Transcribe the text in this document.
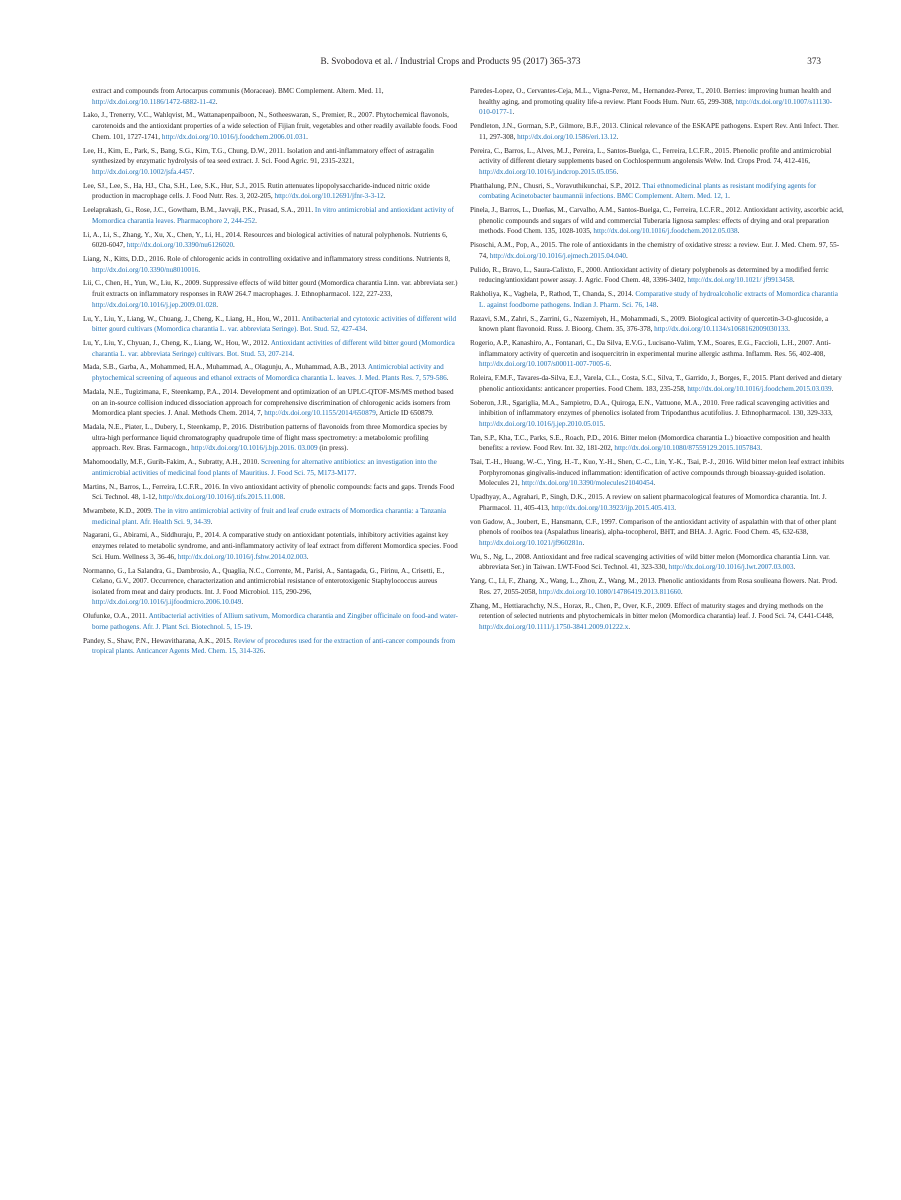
B. Svobodova et al. / Industrial Crops and Products 95 (2017) 365-373	373

extract and compounds from Artocarpus communis (Moraceae). BMC Complement. Altern. Med. 11, http://dx.doi.org/10.1186/1472-6882-11-42.

Lako, J., Trenerry, V.C., Wahlqvist, M., Wattanapenpaiboon, N., Sotheeswaran, S., Premier, R., 2007. Phytochemical flavonols, carotenoids and the antioxidant properties of a wide selection of Fijian fruit, vegetables and other readily available foods. Food Chem. 101, 1727-1741, http://dx.doi.org/10.1016/j.foodchem.2006.01.031.

Lee, H., Kim, E., Park, S., Bang, S.G., Kim, T.G., Chung, D.W., 2011. Isolation and anti-inflammatory effect of astragalin synthesized by enzymatic hydrolysis of tea seed extract. J. Sci. Food Agric. 91, 2315-2321, http://dx.doi.org/10.1002/jsfa.4457.

Lee, SJ., Lee, S., Ha, HJ., Cha, S.H., Lee, S.K., Hur, S.J., 2015. Rutin attenuates lipopolysaccharide-induced nitric oxide production in macrophage cells. J. Food Nutr. Res. 3, 202-205, http://dx.doi.org/10.12691/jfnr-3-3-12.

Leelaprakash, G., Rose, J.C., Gowtham, B.M., Javvaji, P.K., Prasad, S.A., 2011. In vitro antimicrobial and antioxidant activity of Momordica charantia leaves. Pharmacophore 2, 244-252.

Li, A., Li, S., Zhang, Y., Xu, X., Chen, Y., Li, H., 2014. Resources and biological activities of natural polyphenols. Nutrients 6, 6020-6047, http://dx.doi.org/10.3390/nu6126020.

Liang, N., Kitts, D.D., 2016. Role of chlorogenic acids in controlling oxidative and inflammatory stress conditions. Nutrients 8, http://dx.doi.org/10.3390/nu8010016.

Lii, C., Chen, H., Yun, W., Liu, K., 2009. Suppressive effects of wild bitter gourd (Momordica charantia Linn. var. abbreviata ser.) fruit extracts on inflammatory responses in RAW 264.7 macrophages. J. Ethnopharmacol. 122, 227-233, http://dx.doi.org/10.1016/j.jep.2009.01.028.

Lu, Y., Liu, Y., Liang, W., Chuang, J., Cheng, K., Liang, H., Hou, W., 2011. Antibacterial and cytotoxic activities of different wild bitter gourd cultivars (Momordica charantia L. var. abbreviata Seringe). Bot. Stud. 52, 427-434.

Lu, Y., Liu, Y., Chyuan, J., Cheng, K., Liang, W., Hou, W., 2012. Antioxidant activities of different wild bitter gourd (Momordica charantia L. var. abbreviata Seringe) cultivars. Bot. Stud. 53, 207-214.

Mada, S.B., Garba, A., Mohammed, H.A., Muhammad, A., Olagunju, A., Muhammad, A.B., 2013. Antimicrobial activity and phytochemical screening of aqueous and ethanol extracts of Momordica charantia L. leaves. J. Med. Plants Res. 7, 579-586.

Madala, N.E., Tugizimana, F., Steenkamp, P.A., 2014. Development and optimization of an UPLC-QTOF-MS/MS method based on an in-source collision induced dissociation approach for comprehensive discrimination of chlorogenic acids isomers from Momordica plant species. J. Anal. Methods Chem. 2014, 7, http://dx.doi.org/10.1155/2014/650879, Article ID 650879.

Madala, N.E., Piater, L., Dubery, I., Steenkamp, P., 2016. Distribution patterns of flavonoids from three Momordica species by ultra-high performance liquid chromatography quadrupole time of flight mass spectrometry: a metabolomic profiling approach. Rev. Bras. Farmacogn., http://dx.doi.org/10.1016/j.bjp.2016. 03.009 (in press).

Mahomoodally, M.F., Gurib-Fakim, A., Subratty, A.H., 2010. Screening for alternative antibiotics: an investigation into the antimicrobial activities of medicinal food plants of Mauritius. J. Food Sci. 75, M173-M177.

Martins, N., Barros, L., Ferreira, I.C.F.R., 2016. In vivo antioxidant activity of phenolic compounds: facts and gaps. Trends Food Sci. Technol. 48, 1-12, http://dx.doi.org/10.1016/j.tifs.2015.11.008.

Mwambete, K.D., 2009. The in vitro antimicrobial activity of fruit and leaf crude extracts of Momordica charantia: a Tanzania medicinal plant. Afr. Health Sci. 9, 34-39.

Nagarani, G., Abirami, A., Siddhuraju, P., 2014. A comparative study on antioxidant potentials, inhibitory activities against key enzymes related to metabolic syndrome, and anti-inflammatory activity of leaf extract from different Momordica species. Food Sci. Hum. Wellness 3, 36-46, http://dx.doi.org/10.1016/j.fshw.2014.02.003.

Normanno, G., La Salandra, G., Dambrosio, A., Quaglia, N.C., Corrente, M., Parisi, A., Santagada, G., Firinu, A., Crisetti, E., Celano, G.V., 2007. Occurrence, characterization and antimicrobial resistance of enterotoxigenic Staphylococcus aureus isolated from meat and dairy products. Int. J. Food Microbiol. 115, 290-296, http://dx.doi.org/10.1016/j.ijfoodmicro.2006.10.049.

Olufunke, O.A., 2011. Antibacterial activities of Allium sativum, Momordica charantia and Zingiber officinale on food-and water-borne pathogens. Afr. J. Plant Sci. Biotechnol. 5, 15-19.

Pandey, S., Shaw, P.N., Hewavitharana, A.K., 2015. Review of procedures used for the extraction of anti-cancer compounds from tropical plants. Anticancer Agents Med. Chem. 15, 314-326.

Paredes-Lopez, O., Cervantes-Ceja, M.L., Vigna-Perez, M., Hernandez-Perez, T., 2010. Berries: improving human health and healthy aging, and promoting quality life-a review. Plant Foods Hum. Nutr. 65, 299-308, http://dx.doi.org/10.1007/s11130-010-0177-1.

Pendleton, J.N., Gorman, S.P., Gilmore, B.F., 2013. Clinical relevance of the ESKAPE pathogens. Expert Rev. Anti Infect. Ther. 11, 297-308, http://dx.doi.org/10.1586/eri.13.12.

Pereira, C., Barros, L., Alves, M.J., Pereira, L., Santos-Buelga, C., Ferreira, I.C.F.R., 2015. Phenolic profile and antimicrobial activity of different dietary supplements based on Cochlospermum angolensis Welw. Ind. Crops Prod. 74, 412-416, http://dx.doi.org/10.1016/j.indcrop.2015.05.056.

Phatthalung, P.N., Chusri, S., Voravuthikunchai, S.P., 2012. Thai ethnomedicinal plants as resistant modifying agents for combating Acinetobacter baumannii infections. BMC Complement. Altern. Med. 12, 1.

Pinela, J., Barros, L., Dueñas, M., Carvalho, A.M., Santos-Buelga, C., Ferreira, I.C.F.R., 2012. Antioxidant activity, ascorbic acid, phenolic compounds and sugars of wild and commercial Tuberaria lignosa samples: effects of drying and oral preparation methods. Food Chem. 135, 1028-1035, http://dx.doi.org/10.1016/j.foodchem.2012.05.038.

Pisoschi, A.M., Pop, A., 2015. The role of antioxidants in the chemistry of oxidative stress: a review. Eur. J. Med. Chem. 97, 55-74, http://dx.doi.org/10.1016/j.ejmech.2015.04.040.

Pulido, R., Bravo, L., Saura-Calixto, F., 2000. Antioxidant activity of dietary polyphenols as determined by a modified ferric reducing/antioxidant power assay. J. Agric. Food Chem. 48, 3396-3402, http://dx.doi.org/10.1021/ jf9913458.

Rakholiya, K., Vaghela, P., Rathod, T., Chanda, S., 2014. Comparative study of hydroalcoholic extracts of Momordica charantia L. against foodborne pathogens. Indian J. Pharm. Sci. 76, 148.

Razavi, S.M., Zahri, S., Zarrini, G., Nazemiyeh, H., Mohammadi, S., 2009. Biological activity of quercetin-3-O-glucoside, a known plant flavonoid. Russ. J. Bioorg. Chem. 35, 376-378, http://dx.doi.org/10.1134/s1068162009030133.

Rogerio, A.P., Kanashiro, A., Fontanari, C., Da Silva, E.V.G., Lucisano-Valim, Y.M., Soares, E.G., Faccioli, L.H., 2007. Anti-inflammatory activity of quercetin and isoquercitrin in experimental murine allergic asthma. Inflamm. Res. 56, 402-408, http://dx.doi.org/10.1007/s00011-007-7005-6.

Roleira, F.M.F., Tavares-da-Silva, E.J., Varela, C.L., Costa, S.C., Silva, T., Garrido, J., Borges, F., 2015. Plant derived and dietary phenolic antioxidants: anticancer properties. Food Chem. 183, 235-258, http://dx.doi.org/10.1016/j.foodchem.2015.03.039.

Soberon, J.R., Sgariglia, M.A., Sampietro, D.A., Quiroga, E.N., Vattuone, M.A., 2010. Free radical scavenging activities and inhibition of inflammatory enzymes of phenolics isolated from Tripodanthus acutifolius. J. Ethnopharmacol. 130, 329-333, http://dx.doi.org/10.1016/j.jep.2010.05.015.

Tan, S.P., Kha, T.C., Parks, S.E., Roach, P.D., 2016. Bitter melon (Momordica charantia L.) bioactive composition and health benefits: a review. Food Rev. Int. 32, 181-202, http://dx.doi.org/10.1080/87559129.2015.1057843.

Tsai, T.-H., Huang, W.-C., Ying, H.-T., Kuo, Y.-H., Shen, C.-C., Lin, Y.-K., Tsai, P.-J., 2016. Wild bitter melon leaf extract inhibits Porphyromonas gingivalis-induced inflammation: identification of active compounds through bioassay-guided isolation. Molecules 21, http://dx.doi.org/10.3390/molecules21040454.

Upadhyay, A., Agrahari, P., Singh, D.K., 2015. A review on salient pharmacological features of Momordica charantia. Int. J. Pharmacol. 11, 405-413, http://dx.doi.org/10.3923/ijp.2015.405.413.

von Gadow, A., Joubert, E., Hansmann, C.F., 1997. Comparison of the antioxidant activity of aspalathin with that of other plant phenols of rooibos tea (Aspalathus linearis), alpha-tocopherol, BHT, and BHA. J. Agric. Food Chem. 45, 632-638, http://dx.doi.org/10.1021/jf960281n.

Wu, S., Ng, L., 2008. Antioxidant and free radical scavenging activities of wild bitter melon (Momordica charantia Linn. var. abbreviata Ser.) in Taiwan. LWT-Food Sci. Technol. 41, 323-330, http://dx.doi.org/10.1016/j.lwt.2007.03.003.

Yang, C., Li, F., Zhang, X., Wang, L., Zhou, Z., Wang, M., 2013. Phenolic antioxidants from Rosa soulieana flowers. Nat. Prod. Res. 27, 2055-2058, http://dx.doi.org/10.1080/14786419.2013.811660.

Zhang, M., Hettiarachchy, N.S., Horax, R., Chen, P., Over, K.F., 2009. Effect of maturity stages and drying methods on the retention of selected nutrients and phytochemicals in bitter melon (Momordica charantia) leaf. J. Food Sci. 74, C441-C448, http://dx.doi.org/10.1111/j.1750-3841.2009.01222.x.
